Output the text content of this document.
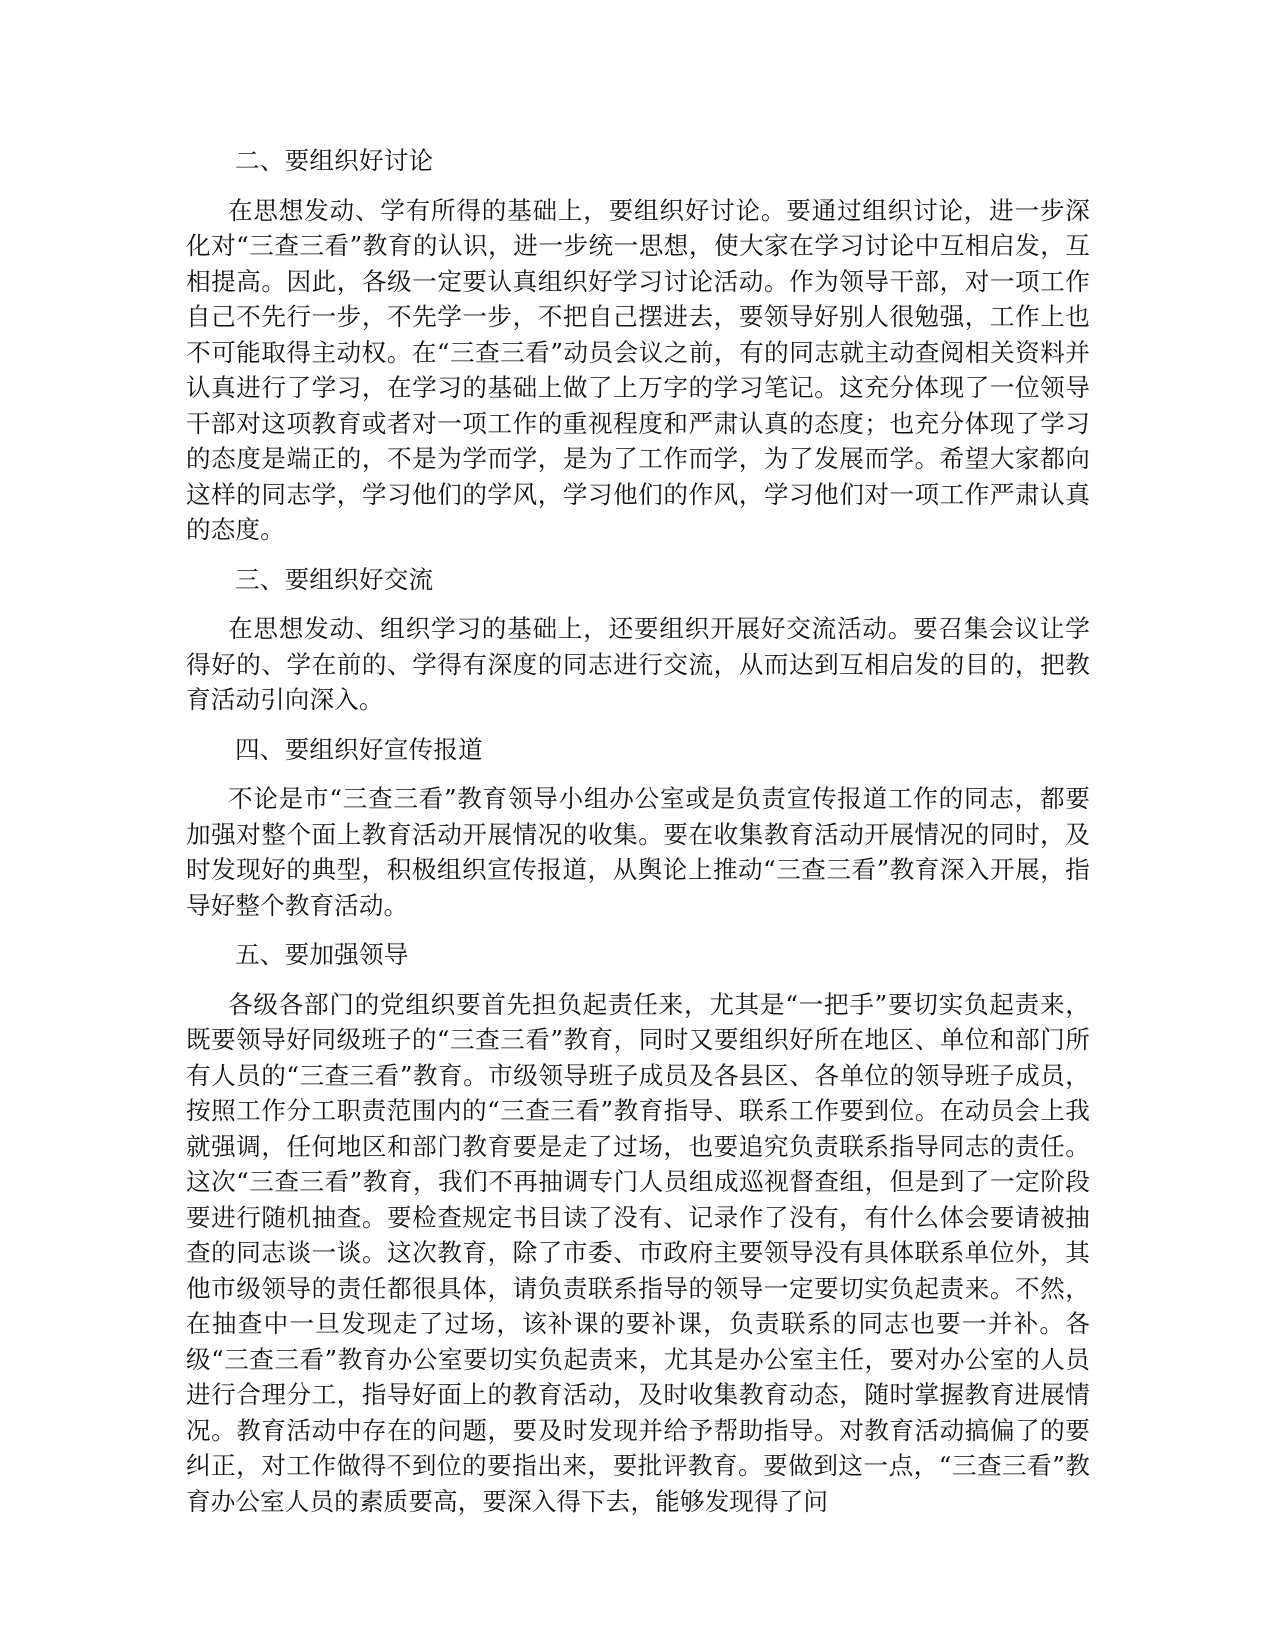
二、要组织好讨论

在思想发动、学有所得的基础上，要组织好讨论。要通过组织讨论，进一步深化对“三查三看”教育的认识，进一步统一思想，使大家在学习讨论中互相启发，互相提高。因此，各级一定要认真组织好学习讨论活动。作为领导干部，对一项工作自己不先行一步，不先学一步，不把自己摆进去，要领导好别人很勉强，工作上也不可能取得主动权。在“三查三看”动员会议之前，有的同志就主动查阅相关资料并认真进行了学习，在学习的基础上做了上万字的学习笔记。这充分体现了一位领导干部对这项教育或者对一项工作的重视程度和严肃认真的态度；也充分体现了学习的态度是端正的，不是为学而学，是为了工作而学，为了发展而学。希望大家都向这样的同志学，学习他们的学风，学习他们的作风，学习他们对一项工作严肃认真的态度。

三、要组织好交流

在思想发动、组织学习的基础上，还要组织开展好交流活动。要召集会议让学得好的、学在前的、学得有深度的同志进行交流，从而达到互相启发的目的，把教育活动引向深入。

四、要组织好宣传报道

不论是市“三查三看”教育领导小组办公室或是负责宣传报道工作的同志，都要加强对整个面上教育活动开展情况的收集。要在收集教育活动开展情况的同时，及时发现好的典型，积极组织宣传报道，从舆论上推动“三查三看”教育深入开展，指导好整个教育活动。

五、要加强领导

各级各部门的党组织要首先担负起责任来，尤其是“一把手”要切实负起责来，既要领导好同级班子的“三查三看”教育，同时又要组织好所在地区、单位和部门所有人员的“三查三看”教育。市级领导班子成员及各县区、各单位的领导班子成员，按照工作分工职责范围内的“三查三看”教育指导、联系工作要到位。在动员会上我就强调，任何地区和部门教育要是走了过场，也要追究负责联系指导同志的责任。这次“三查三看”教育，我们不再抽调专门人员组成巡视督查组，但是到了一定阶段要进行随机抽查。要检查规定书目读了没有、记录作了没有，有什么体会要请被抽查的同志谈一谈。这次教育，除了市委、市政府主要领导没有具体联系单位外，其他市级领导的责任都很具体，请负责联系指导的领导一定要切实负起责来。不然，在抽查中一旦发现走了过场，该补课的要补课，负责联系的同志也要一并补。各级“三查三看”教育办公室要切实负起责来，尤其是办公室主任，要对办公室的人员进行合理分工，指导好面上的教育活动，及时收集教育动态，随时掌握教育进展情况。教育活动中存在的问题，要及时发现并给予帮助指导。对教育活动搞偏了的要纠正，对工作做得不到位的要指出来，要批评教育。要做到这一点，“三查三看”教育办公室人员的素质要高，要深入得下去，能够发现得了问
